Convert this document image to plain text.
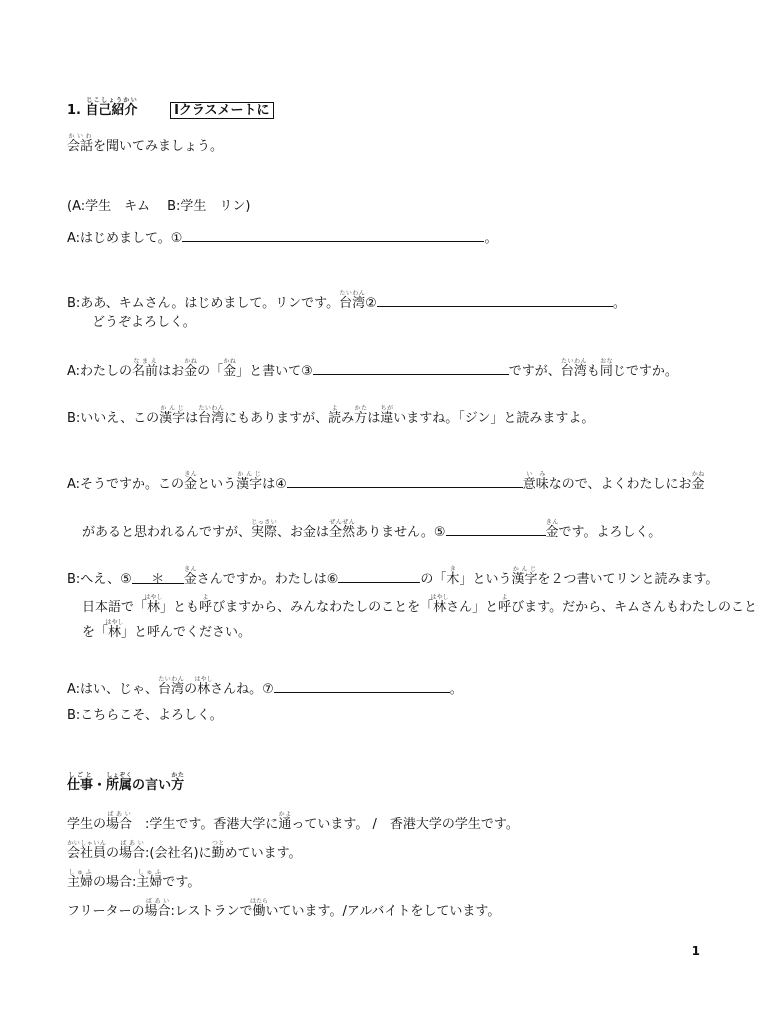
1. 自己紹介じこしょうかい Ⅰクラスメートに
会話かいわを聞いてみましょう。
(A:学生　キム　 B:学生　リン)
A:はじめまして。①	。
B:ああ、キムさん。はじめまして。リンです。台湾たいわん②	。
どうぞよろしく。
A:わたしの名前なまえはお金かねの「金かね」と書いて③	ですが、台湾たいわんも同おなじですか。
B:いいえ、この漢字かんじは台湾たいわんにもありますが、読よみ方かたは違ちがいますね。「ジン」と読みますよ。
A:そうですか。この金きんという漢字かんじは④	意味いみなので、よくわたしにお金かね
があると思われるんですが、実際じっさい、お金は全然ぜんぜんありません。⑤	金きんです。よろしく。
B:へえ、⑤ ＊ 金きんさんですか。わたしは⑥	の「木き」という漢字かんじを２つ書いてリンと読みます。
日本語で「林はやし」とも呼よびますから、みんなわたしのことを「林はやしさん」と呼よびます。だから、キムさんもわたしのこと
を「林はやし」と呼んでください。
A:はい、じゃ、台湾たいわんの林はやしさんね。⑦	。
B:こちらこそ、よろしく。
仕事しごと・所属しょぞくの言い方かた
学生の場合ばあい　:学生です。香港大学に通かよっています。 /　香港大学の学生です。
会社員かいしゃいんの場合ばあい:(会社名)に勤つとめています。
主婦しゅふの場合:主婦しゅふです。
フリーターの場合ばあい:レストランで働はたらいています。/アルバイトをしています。
1
